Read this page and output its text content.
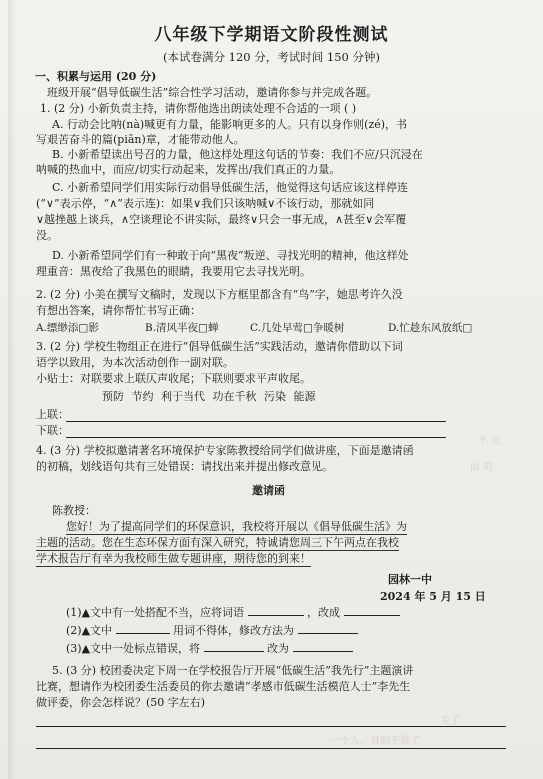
八年级下学期语文阶段性测试
(本试卷满分 120 分，考试时间 150 分钟)
一、积累与运用 (20 分)
班级开展“倡导低碳生活”综合性学习活动，邀请你参与并完成各题。
1. (2 分) 小新负责主持，请你帮他选出朗读处理不合适的一项 ( )
A. 行动会比呐(nà)喊更有力量，能影响更多的人。只有以身作则(zé)，书
写艰苦奋斗的篇(piān)章，才能带动他人。
B. 小新希望读出号召的力量，他这样处理这句话的节奏：我们不应/只沉浸在
呐喊的热血中，而应/切实行动起来，发挥出/我们真正的力量。
C. 小新希望同学们用实际行动倡导低碳生活，他觉得这句话应该这样停连
(“∨”表示停，“∧”表示连)：如果∨我们只该呐喊∨不该行动，那就如同
∨越挫越上谈兵，∧空谈理论不讲实际，最终∨只会一事无成，∧甚至∨会军覆
没。
D. 小新希望同学们有一种敢于向“黑夜”叛逆、寻找光明的精神，他这样处
理重音：黑夜给了我黑色的眼睛，我要用它去寻找光明。
2. (2 分) 小美在撰写文稿时，发现以下方框里都含有“鸟”字，她思考许久没
有想出答案，请你帮忙书写正确：
A.缥缈添□影	B.清风半夜□蝉	C.几处早莺□争暖树	D.忙趁东风放纸□
3. (2 分) 学校生物组正在进行“倡导低碳生活”实践活动，邀请你借助以下词
语学以致用，为本次活动创作一副对联。
小贴士：对联要求上联仄声收尾；下联则要求平声收尾。
预防 节约 利于当代 功在千秋 污染 能源
上联：
下联：
4. (3 分) 学校拟邀请著名环境保护专家陈教授给同学们做讲座，下面是邀请函
的初稿，划线语句共有三处错误：请找出来并提出修改意见。
邀请函
陈教授：
您好！为了提高同学们的环保意识，我校将开展以《倡导低碳生活》为
主题的活动。您在生态环保方面有深入研究，特诚请您周三下午两点在我校
学术报告厅有幸为我校师生做专题讲座，期待您的到来！
园林一中
2024 年 5 月 15 日
(1)▲文中有一处搭配不当，应将词语	，改成
(2)▲文中	用词不得体，修改方法为
(3)▲文中一处标点错误，将	改为
5. (3 分) 校团委决定下周一在学校报告厅开展“低碳生活”我先行”主题演讲
比赛，想请作为校团委生活委员的你去邀请“孝感市低碳生活模范人士”李先生
做评委，你会怎样说？(50 字左右)
不 光
雨 的
一个人，真的不管了
关了
